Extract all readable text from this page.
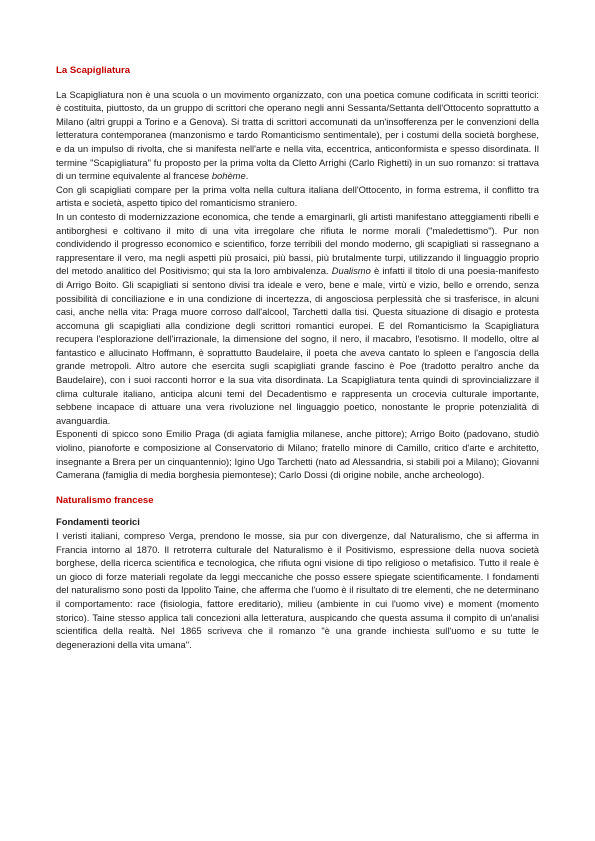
La Scapigliatura

La Scapigliatura non è una scuola o un movimento organizzato, con una poetica comune codificata in scritti teorici: è costituita, piuttosto, da un gruppo di scrittori che operano negli anni Sessanta/Settanta dell'Ottocento soprattutto a Milano (altri gruppi a Torino e a Genova). Si tratta di scrittori accomunati da un'insofferenza per le convenzioni della letteratura contemporanea (manzonismo e tardo Romanticismo sentimentale), per i costumi della società borghese, e da un impulso di rivolta, che si manifesta nell'arte e nella vita, eccentrica, anticonformista e spesso disordinata. Il termine "Scapigliatura" fu proposto per la prima volta da Cletto Arrighi (Carlo Righetti) in un suo romanzo: si trattava di un termine equivalente al francese bohème.

Con gli scapigliati compare per la prima volta nella cultura italiana dell'Ottocento, in forma estrema, il conflitto tra artista e società, aspetto tipico del romanticismo straniero.

In un contesto di modernizzazione economica, che tende a emarginarli, gli artisti manifestano atteggiamenti ribelli e antiborghesi e coltivano il mito di una vita irregolare che rifiuta le norme morali ("maledettismo"). Pur non condividendo il progresso economico e scientifico, forze terribili del mondo moderno, gli scapigliati si rassegnano a rappresentare il vero, ma negli aspetti più prosaici, più bassi, più brutalmente turpi, utilizzando il linguaggio proprio del metodo analitico del Positivismo; qui sta la loro ambivalenza. Dualismo è infatti il titolo di una poesia-manifesto di Arrigo Boito. Gli scapigliati si sentono divisi tra ideale e vero, bene e male, virtù e vizio, bello e orrendo, senza possibilità di conciliazione e in una condizione di incertezza, di angosciosa perplessità che si trasferisce, in alcuni casi, anche nella vita: Praga muore corroso dall'alcool, Tarchetti dalla tisi. Questa situazione di disagio e protesta accomuna gli scapigliati alla condizione degli scrittori romantici europei. E del Romanticismo la Scapigliatura recupera l'esplorazione dell'irrazionale, la dimensione del sogno, il nero, il macabro, l'esotismo. Il modello, oltre al fantastico e allucinato Hoffmann, è soprattutto Baudelaire, il poeta che aveva cantato lo spleen e l'angoscia della grande metropoli. Altro autore che esercita sugli scapigliati grande fascino è Poe (tradotto peraltro anche da Baudelaire), con i suoi racconti horror e la sua vita disordinata. La Scapigliatura tenta quindi di sprovincializzare il clima culturale italiano, anticipa alcuni temi del Decadentismo e rappresenta un crocevia culturale importante, sebbene incapace di attuare una vera rivoluzione nel linguaggio poetico, nonostante le proprie potenzialità di avanguardia.

Esponenti di spicco sono Emilio Praga (di agiata famiglia milanese, anche pittore); Arrigo Boito (padovano, studiò violino, pianoforte e composizione al Conservatorio di Milano; fratello minore di Camillo, critico d'arte e architetto, insegnante a Brera per un cinquantennio); Igino Ugo Tarchetti (nato ad Alessandria, si stabili poi a Milano); Giovanni Camerana (famiglia di media borghesia piemontese); Carlo Dossi (di origine nobile, anche archeologo).

Naturalismo francese
Fondamenti teorici

I veristi italiani, compreso Verga, prendono le mosse, sia pur con divergenze, dal Naturalismo, che si afferma in Francia intorno al 1870. Il retroterra culturale del Naturalismo è il Positivismo, espressione della nuova società borghese, della ricerca scientifica e tecnologica, che rifiuta ogni visione di tipo religioso o metafisico. Tutto il reale è un gioco di forze materiali regolate da leggi meccaniche che posso essere spiegate scientificamente. I fondamenti del naturalismo sono posti da Ippolito Taine, che afferma che l'uomo è il risultato di tre elementi, che ne determinano il comportamento: race (fisiologia, fattore ereditario), milieu (ambiente in cui l'uomo vive) e moment (momento storico). Taine stesso applica tali concezioni alla letteratura, auspicando che questa assuma il compito di un'analisi scientifica della realtà. Nel 1865 scriveva che il romanzo "è una grande inchiesta sull'uomo e su tutte le degenerazioni della vita umana".
